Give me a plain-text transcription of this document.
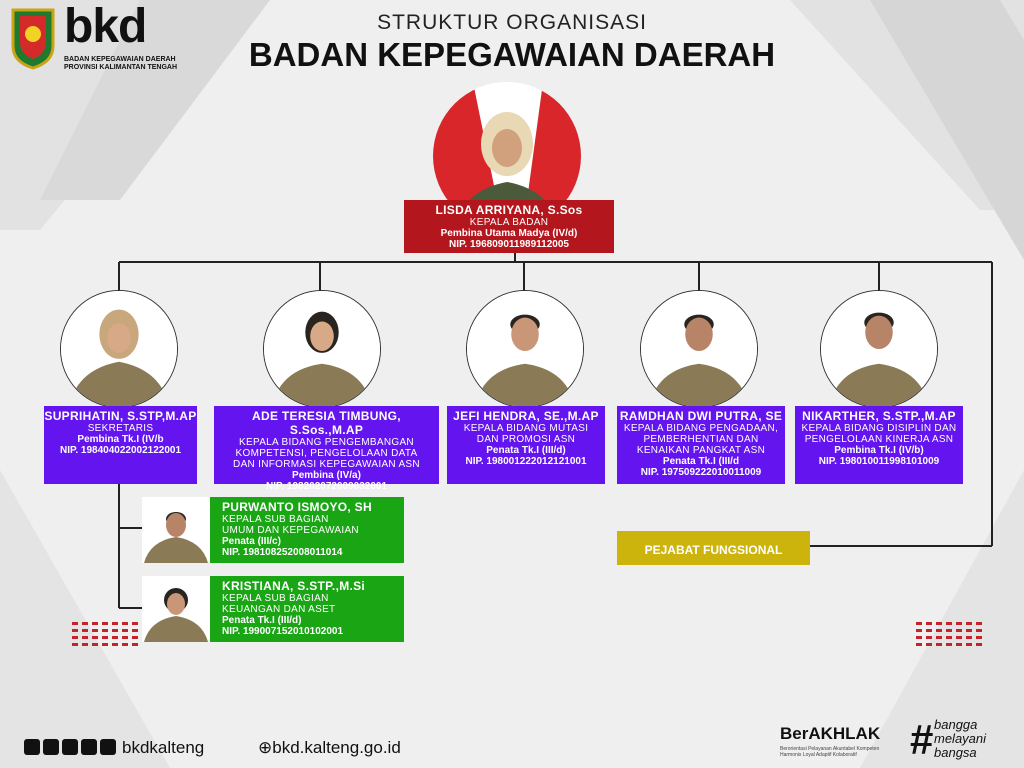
bkd
BADAN KEPEGAWAIAN DAERAH
PROVINSI KALIMANTAN TENGAH
STRUKTUR ORGANISASI
BADAN KEPEGAWAIAN DAERAH
LISDA ARRIYANA, S.Sos
KEPALA BADAN
Pembina Utama Madya (IV/d)
NIP. 196809011989112005
SUPRIHATIN, S.STP,M.AP
SEKRETARIS
Pembina Tk.I (IV/b
NIP. 198404022002122001
ADE TERESIA TIMBUNG, S.Sos.,M.AP
KEPALA BIDANG PENGEMBANGAN
KOMPETENSI, PENGELOLAAN DATA
DAN INFORMASI KEPEGAWAIAN ASN
Pembina (IV/a)
NIP. 198202072009032001
JEFI HENDRA, SE.,M.AP
KEPALA BIDANG MUTASI
DAN PROMOSI ASN
Penata Tk.I (III/d)
NIP. 198001222012121001
RAMDHAN DWI PUTRA, SE
KEPALA BIDANG PENGADAAN,
PEMBERHENTIAN DAN
KENAIKAN PANGKAT ASN
Penata Tk.I (III/d
NIP. 197509222010011009
NIKARTHER, S.STP.,M.AP
KEPALA BIDANG DISIPLIN DAN
PENGELOLAAN KINERJA ASN
Pembina Tk.I (IV/b)
NIP. 198010011998101009
PURWANTO ISMOYO, SH
KEPALA SUB BAGIAN
UMUM DAN KEPEGAWAIAN
Penata (III/c)
NIP. 198108252008011014
KRISTIANA, S.STP.,M.Si
KEPALA SUB BAGIAN
KEUANGAN DAN ASET
Penata Tk.I (III/d)
NIP. 199007152010102001
PEJABAT FUNGSIONAL
bkdkalteng	⊕bkd.kalteng.go.id
BerAKHLAK
Berorientasi Pelayanan Akuntabel Kompeten
Harmonis Loyal Adaptif Kolaboratif	# bangga
melayani
bangsa
